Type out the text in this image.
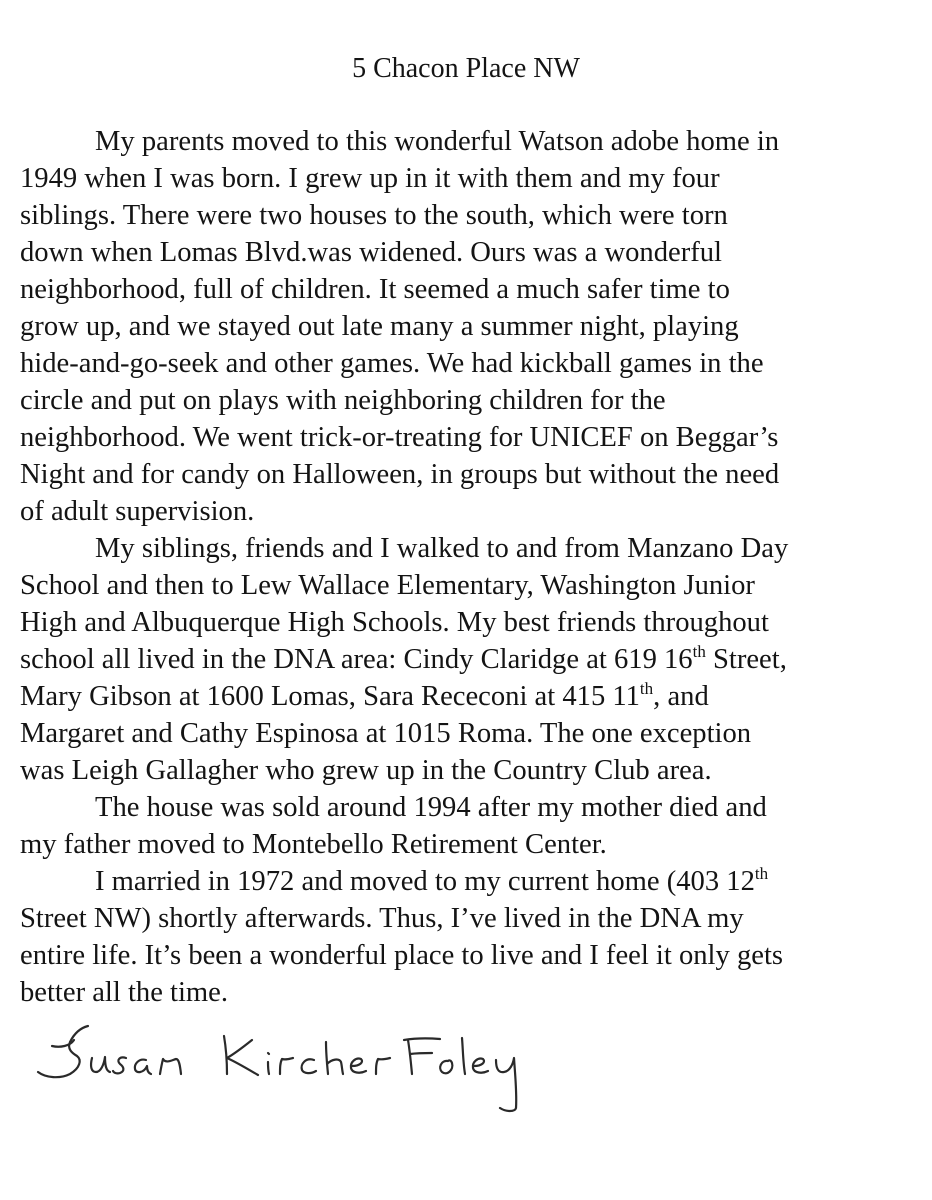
5 Chacon Place NW

My parents moved to this wonderful Watson adobe home in

1949 when I was born. I grew up in it with them and my four

siblings. There were two houses to the south, which were torn

down when Lomas Blvd.was widened. Ours was a wonderful

neighborhood, full of children. It seemed a much safer time to

grow up, and we stayed out late many a summer night, playing

hide-and-go-seek and other games. We had kickball games in the

circle and put on plays with neighboring children for the

neighborhood. We went trick-or-treating for UNICEF on Beggar’s

Night and for candy on Halloween, in groups but without the need

of adult supervision.

My siblings, friends and I walked to and from Manzano Day

School and then to Lew Wallace Elementary, Washington Junior

High and Albuquerque High Schools. My best friends throughout

school all lived in the DNA area: Cindy Claridge at 619 16th Street,

Mary Gibson at 1600 Lomas, Sara Receconi at 415 11th, and

Margaret and Cathy Espinosa at 1015 Roma. The one exception

was Leigh Gallagher who grew up in the Country Club area.

The house was sold around 1994 after my mother died and

my father moved to Montebello Retirement Center.

I married in 1972 and moved to my current home (403 12th

Street NW) shortly afterwards. Thus, I’ve lived in the DNA my

entire life. It’s been a wonderful place to live and I feel it only gets

better all the time.
